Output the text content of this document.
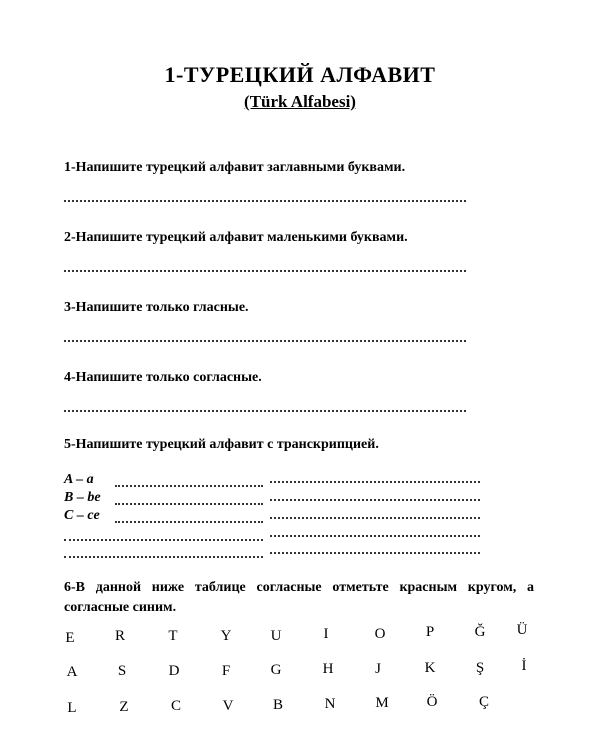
1-ТУРЕЦКИЙ АЛФАВИТ
(Türk Alfabesi)
1-Напишите турецкий алфавит заглавными буквами.
2-Напишите турецкий алфавит маленькими буквами.
3-Напишите только гласные.
4-Напишите только согласные.
5-Напишите турецкий алфавит с транскрипцией.
A – a
B – be
C – ce
6-В данной ниже таблице согласные отметьте красным кругом, а согласные синим.
E	R	T	Y	U	I	O	P	Ğ	Ü
A	S	D	F	G	H	J	K	Ş	İ
L	Z	C	V	B	N	M	Ö	Ç
